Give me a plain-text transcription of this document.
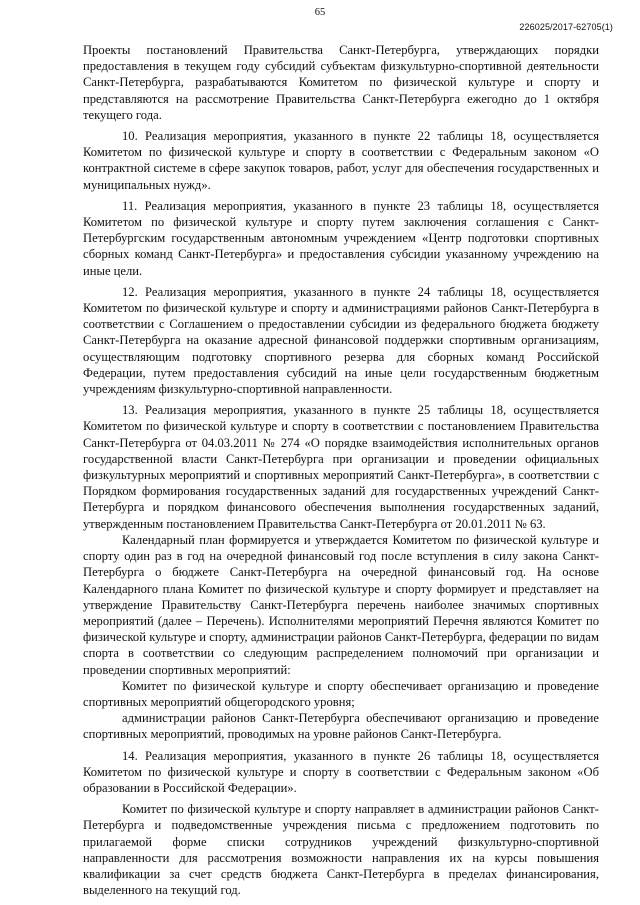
65
226025/2017-62705(1)

Проекты постановлений Правительства Санкт-Петербурга, утверждающих порядки предоставления в текущем году субсидий субъектам физкультурно-спортивной деятельности Санкт-Петербурга, разрабатываются Комитетом по физической культуре и спорту и представляются на рассмотрение Правительства Санкт-Петербурга ежегодно до 1 октября текущего года.

10. Реализация мероприятия, указанного в пункте 22 таблицы 18, осуществляется Комитетом по физической культуре и спорту в соответствии с Федеральным законом «О контрактной системе в сфере закупок товаров, работ, услуг для обеспечения государственных и муниципальных нужд».

11. Реализация мероприятия, указанного в пункте 23 таблицы 18, осуществляется Комитетом по физической культуре и спорту путем заключения соглашения с Санкт-Петербургским государственным автономным учреждением «Центр подготовки спортивных сборных команд Санкт-Петербурга» и предоставления субсидии указанному учреждению на иные цели.

12. Реализация мероприятия, указанного в пункте 24 таблицы 18, осуществляется Комитетом по физической культуре и спорту и администрациями районов Санкт-Петербурга в соответствии с Соглашением о предоставлении субсидии из федерального бюджета бюджету Санкт-Петербурга на оказание адресной финансовой поддержки спортивным организациям, осуществляющим подготовку спортивного резерва для сборных команд Российской Федерации, путем предоставления субсидий на иные цели государственным бюджетным учреждениям физкультурно-спортивной направленности.

13. Реализация мероприятия, указанного в пункте 25 таблицы 18, осуществляется Комитетом по физической культуре и спорту в соответствии с постановлением Правительства Санкт-Петербурга от 04.03.2011 № 274 «О порядке взаимодействия исполнительных органов государственной власти Санкт-Петербурга при организации и проведении официальных физкультурных мероприятий и спортивных мероприятий Санкт-Петербурга», в соответствии с Порядком формирования государственных заданий для государственных учреждений Санкт-Петербурга и порядком финансового обеспечения выполнения государственных заданий, утвержденным постановлением Правительства Санкт-Петербурга от 20.01.2011 № 63.

Календарный план формируется и утверждается Комитетом по физической культуре и спорту один раз в год на очередной финансовый год после вступления в силу закона Санкт-Петербурга о бюджете Санкт-Петербурга на очередной финансовый год. На основе Календарного плана Комитет по физической культуре и спорту формирует и представляет на утверждение Правительству Санкт-Петербурга перечень наиболее значимых спортивных мероприятий (далее – Перечень). Исполнителями мероприятий Перечня являются Комитет по физической культуре и спорту, администрации районов Санкт-Петербурга, федерации по видам спорта в соответствии со следующим распределением полномочий при организации и проведении спортивных мероприятий:

Комитет по физической культуре и спорту обеспечивает организацию и проведение спортивных мероприятий общегородского уровня;

администрации районов Санкт-Петербурга обеспечивают организацию и проведение спортивных мероприятий, проводимых на уровне районов Санкт-Петербурга.

14. Реализация мероприятия, указанного в пункте 26 таблицы 18, осуществляется Комитетом по физической культуре и спорту в соответствии с Федеральным законом «Об образовании в Российской Федерации».

Комитет по физической культуре и спорту направляет в администрации районов Санкт-Петербурга и подведомственные учреждения письма с предложением подготовить по прилагаемой форме списки сотрудников учреждений физкультурно-спортивной направленности для рассмотрения возможности направления их на курсы повышения квалификации за счет средств бюджета Санкт-Петербурга в пределах финансирования, выделенного на текущий год.
